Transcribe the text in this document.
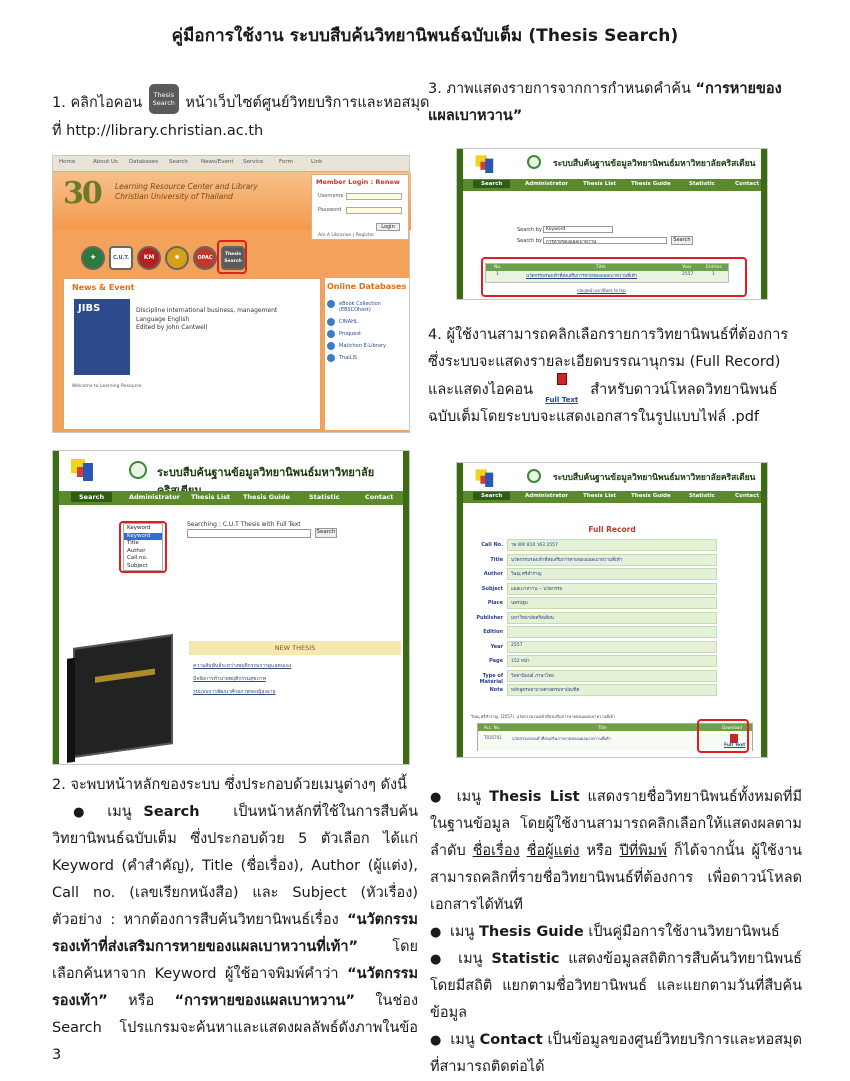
คู่มือการใช้งาน ระบบสืบค้นวิทยานิพนธ์ฉบับเต็ม (Thesis Search)
1. คลิกไอคอน Thesis Search หน้าเว็บไซต์ศูนย์วิทยบริการและหอสมุด
ที่ http://library.christian.ac.th
Home	About Us Databases Search News/Event Service	Form	Link
30 Learning Resource Center and Library
Christian University of Thailand
Member Login : Renew
Username
Password
Login
Am A Librarian | Register
✚	C.U.T.	KM	✺	OPAC
Thesis Search
News & Event
JIBS	Discipline International business, management
Language English
Edited by John Cantwell
Welcome to Learning Resource
Online Databases
eBook Collection (EBSCOhost)
CINAHL
Proquest
Matichon E-Library
ThaiLIS
ระบบสืบค้นฐานข้อมูลวิทยานิพนธ์มหาวิทยาลัย
Search	Administrator Thesis List Thesis Guide	Statistic	Contact
Searching : C.U.T Thesis with Full Text
Search
Keyword
Keyword
Title
Author
Call no.
Subject
NEW THESIS
ความสัมพันธ์ระหว่างพฤติกรรมการดูแลตนเอง
ปัจจัยการทำนายพฤติกรรมสุขภาพ
รูปแบบการพัฒนาศักยภาพของผู้สูงอายุ
2. จะพบหน้าหลักของระบบ ซึ่งประกอบด้วยเมนูต่างๆ ดังนี้
● เมนู Search เป็นหน้าหลักที่ใช้ในการสืบค้นวิทยานิพนธ์ฉบับเต็ม ซึ่งประกอบด้วย 5 ตัวเลือก ได้แก่ Keyword (คำสำคัญ), Title (ชื่อเรื่อง), Author (ผู้แต่ง), Call no. (เลขเรียกหนังสือ) และ Subject (หัวเรื่อง) ตัวอย่าง : หากต้องการสืบค้นวิทยานิพนธ์เรื่อง “นวัตกรรมรองเท้าที่ส่งเสริมการหายของแผลเบาหวานที่เท้า” โดยเลือกค้นหาจาก Keyword ผู้ใช้อาจพิมพ์คำว่า “นวัตกรรมรองเท้า” หรือ “การหายของแผลเบาหวาน” ในช่อง Search โปรแกรมจะค้นหาและแสดงผลลัพธ์ดังภาพในข้อ 3
3. ภาพแสดงรายการจากการกำหนดคำค้น “การหายของแผลเบาหวาน”
ระบบสืบค้นฐานข้อมูลวิทยานิพนธ์มหาวิทยาลัยคริสเตียน
Search	Administrator	Thesis List	Thesis Guide	Statistic	Contact
Search by Keyword
Search by การหายของแผลเบาหวาน	Search
No.	Title	Year	Entries
1	นวัตกรรมรองเท้าที่ส่งเสริมการหายของแผลเบาหวานที่เท้า	2557	1
กลับสู่หน้าแรก/Back to top
4. ผู้ใช้งานสามารถคลิกเลือกรายการวิทยานิพนธ์ที่ต้องการ ซึ่งระบบจะแสดงรายละเอียดบรรณานุกรม (Full Record) และแสดงไอคอน
Full Text
สำหรับดาวน์โหลดวิทยานิพนธ์ฉบับเต็มโดยระบบจะแสดงเอกสารในรูปแบบไฟล์ .pdf
ระบบสืบค้นฐานข้อมูลวิทยานิพนธ์มหาวิทยาลัยคริสเตียน
Search	Administrator	Thesis List	Thesis Guide	Statistic	Contact
Full Record
Call No.	วพ WK 810 ว63 2557
Title	นวัตกรรมรองเท้าที่ส่งเสริมการหายของแผลเบาหวานที่เท้า
Author	วิษณุ ศรีสำราญ
Subject	แผลเบาหวาน -- นวัตกรรม
Place	นครปฐม
Publisher	มหาวิทยาลัยคริสเตียน
Edition
Year	2557
Page	152 หน้า
Type of Material
วิทยานิพนธ์ ภาษาไทย
Note	หลักสูตรพยาบาลศาสตรมหาบัณฑิต
วิษณุ ศรีสำราญ. (2557). นวัตกรรมรองเท้าที่ส่งเสริมการหายของแผลเบาหวานที่เท้า
Acc. No.	Title	Download
T035701	นวัตกรรมรองเท้าที่ส่งเสริมการหายของแผลเบาหวานที่เท้า
Full Text
● เมนู Thesis List แสดงรายชื่อวิทยานิพนธ์ทั้งหมดที่มีในฐานข้อมูล โดยผู้ใช้งานสามารถคลิกเลือกให้แสดงผลตามลำดับ ชื่อเรื่อง ชื่อผู้แต่ง หรือ ปีที่พิมพ์ ก็ได้จากนั้น ผู้ใช้งานสามารถคลิกที่รายชื่อวิทยานิพนธ์ที่ต้องการ เพื่อดาวน์โหลดเอกสารได้ทันที
● เมนู Thesis Guide เป็นคู่มือการใช้งานวิทยานิพนธ์
● เมนู Statistic แสดงข้อมูลสถิติการสืบค้นวิทยานิพนธ์ โดยมีสถิติ แยกตามชื่อวิทยานิพนธ์ และแยกตามวันที่สืบค้นข้อมูล
● เมนู Contact เป็นข้อมูลของศูนย์วิทยบริการและหอสมุดที่สามารถติดต่อได้
